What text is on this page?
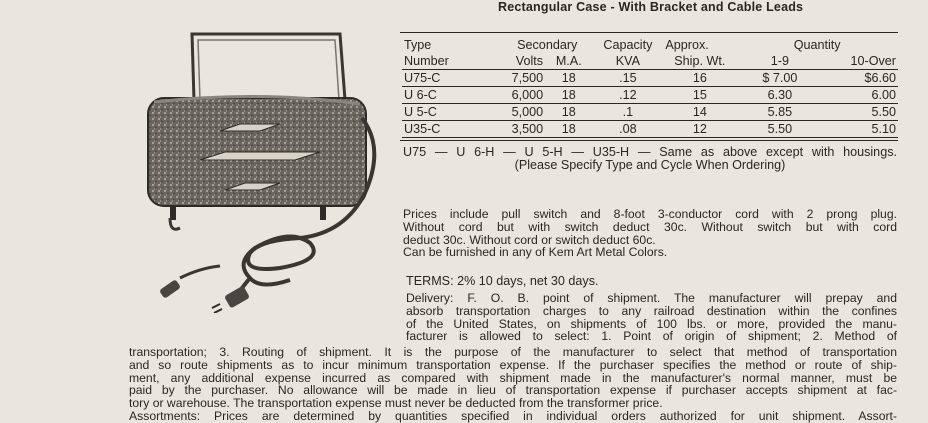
Rectangular Case - With Bracket and Cable Leads
Type	Secondary		Capacity	Approx.	Quantity	
Number	Volts	M.A.	KVA	Ship. Wt.	1-9	10-Over
U75-C	7,500	18	.15	16	$ 7.00	$6.60
U 6-C	6,000	18	.12	15	6.30	6.00
U 5-C	5,000	18	.1	14	5.85	5.50
U35-C	3,500	18	.08	12	5.50	5.10
U75 — U 6-H — U 5-H — U35-H — Same as above except with housings.
(Please Specify Type and Cycle When Ordering)
Prices include pull switch and 8-foot 3-conductor cord with 2 prong plug.
Without cord but with switch deduct 30c. Without switch but with cord
deduct 30c. Without cord or switch deduct 60c.
Can be furnished in any of Kem Art Metal Colors.
TERMS: 2% 10 days, net 30 days.
Delivery: F. O. B. point of shipment. The manufacturer will prepay and
absorb transportation charges to any railroad destination within the confines
of the United States, on shipments of 100 lbs. or more, provided the manu-
facturer is allowed to select: 1. Point of origin of shipment; 2. Method of
transportation; 3. Routing of shipment. It is the purpose of the manufacturer to select that method of transportation
and so route shipments as to incur minimum transportation expense. If the purchaser specifies the method or route of ship-
ment, any additional expense incurred as compared with shipment made in the manufacturer's normal manner, must be
paid by the purchaser. No allowance will be made in lieu of transportation expense if purchaser accepts shipment at fac-
tory or warehouse. The transportation expense must never be deducted from the transformer price.
Assortments: Prices are determined by quantities specified in individual orders authorized for unit shipment. Assort-
